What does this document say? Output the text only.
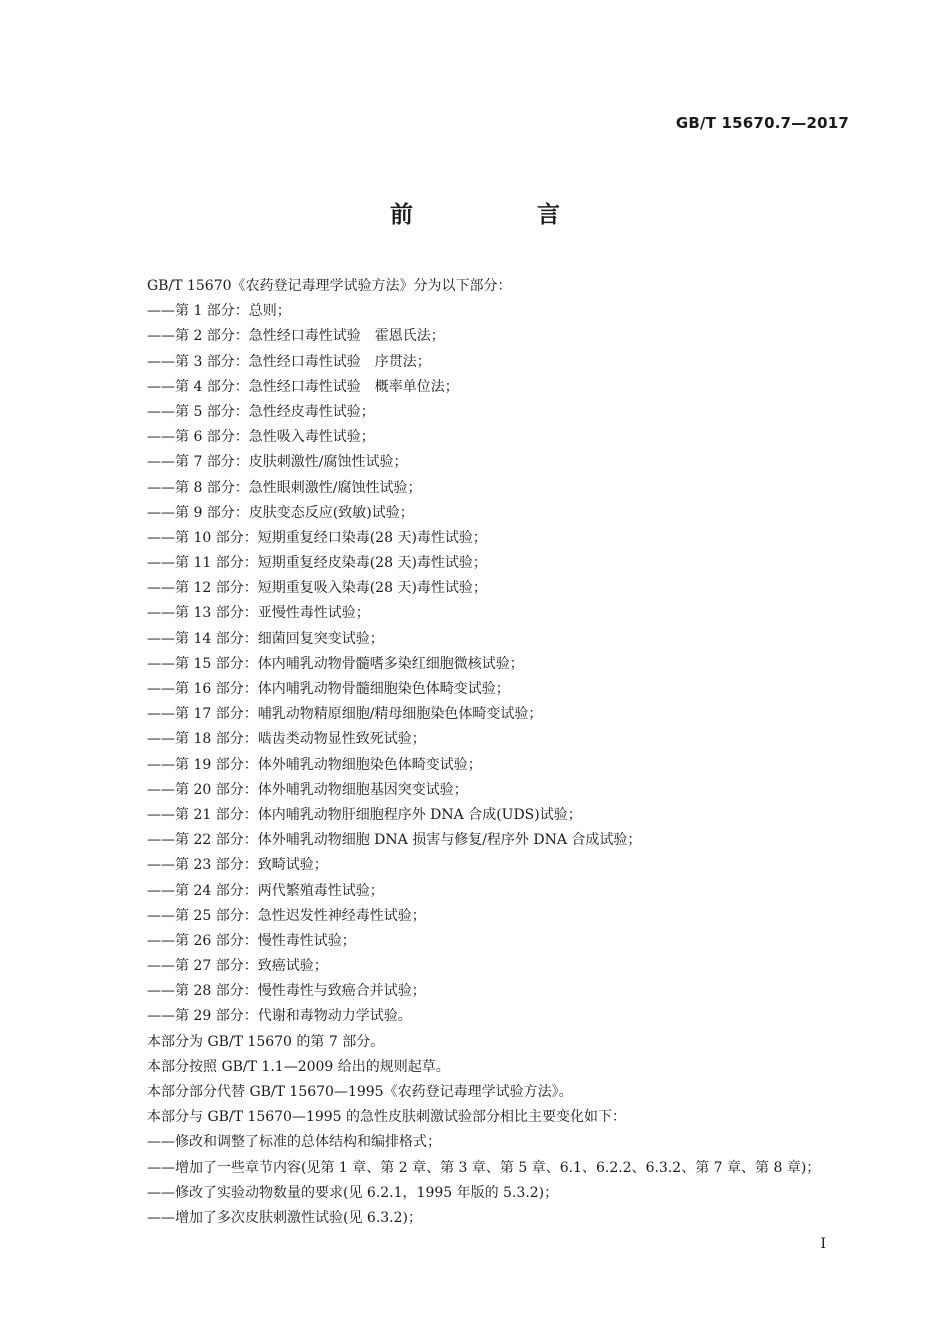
GB/T 15670.7—2017
前 言
GB/T 15670《农药登记毒理学试验方法》分为以下部分：
——第 1 部分：总则；
——第 2 部分：急性经口毒性试验　霍恩氏法；
——第 3 部分：急性经口毒性试验　序贯法；
——第 4 部分：急性经口毒性试验　概率单位法；
——第 5 部分：急性经皮毒性试验；
——第 6 部分：急性吸入毒性试验；
——第 7 部分：皮肤刺激性/腐蚀性试验；
——第 8 部分：急性眼刺激性/腐蚀性试验；
——第 9 部分：皮肤变态反应(致敏)试验；
——第 10 部分：短期重复经口染毒(28 天)毒性试验；
——第 11 部分：短期重复经皮染毒(28 天)毒性试验；
——第 12 部分：短期重复吸入染毒(28 天)毒性试验；
——第 13 部分：亚慢性毒性试验；
——第 14 部分：细菌回复突变试验；
——第 15 部分：体内哺乳动物骨髓嗜多染红细胞微核试验；
——第 16 部分：体内哺乳动物骨髓细胞染色体畸变试验；
——第 17 部分：哺乳动物精原细胞/精母细胞染色体畸变试验；
——第 18 部分：啮齿类动物显性致死试验；
——第 19 部分：体外哺乳动物细胞染色体畸变试验；
——第 20 部分：体外哺乳动物细胞基因突变试验；
——第 21 部分：体内哺乳动物肝细胞程序外 DNA 合成(UDS)试验；
——第 22 部分：体外哺乳动物细胞 DNA 损害与修复/程序外 DNA 合成试验；
——第 23 部分：致畸试验；
——第 24 部分：两代繁殖毒性试验；
——第 25 部分：急性迟发性神经毒性试验；
——第 26 部分：慢性毒性试验；
——第 27 部分：致癌试验；
——第 28 部分：慢性毒性与致癌合并试验；
——第 29 部分：代谢和毒物动力学试验。
本部分为 GB/T 15670 的第 7 部分。
本部分按照 GB/T 1.1—2009 给出的规则起草。
本部分部分代替 GB/T 15670—1995《农药登记毒理学试验方法》。
本部分与 GB/T 15670—1995 的急性皮肤刺激试验部分相比主要变化如下：
——修改和调整了标准的总体结构和编排格式；
——增加了一些章节内容(见第 1 章、第 2 章、第 3 章、第 5 章、6.1、6.2.2、6.3.2、第 7 章、第 8 章)；
——修改了实验动物数量的要求(见 6.2.1，1995 年版的 5.3.2)；
——增加了多次皮肤刺激性试验(见 6.3.2)；
I
